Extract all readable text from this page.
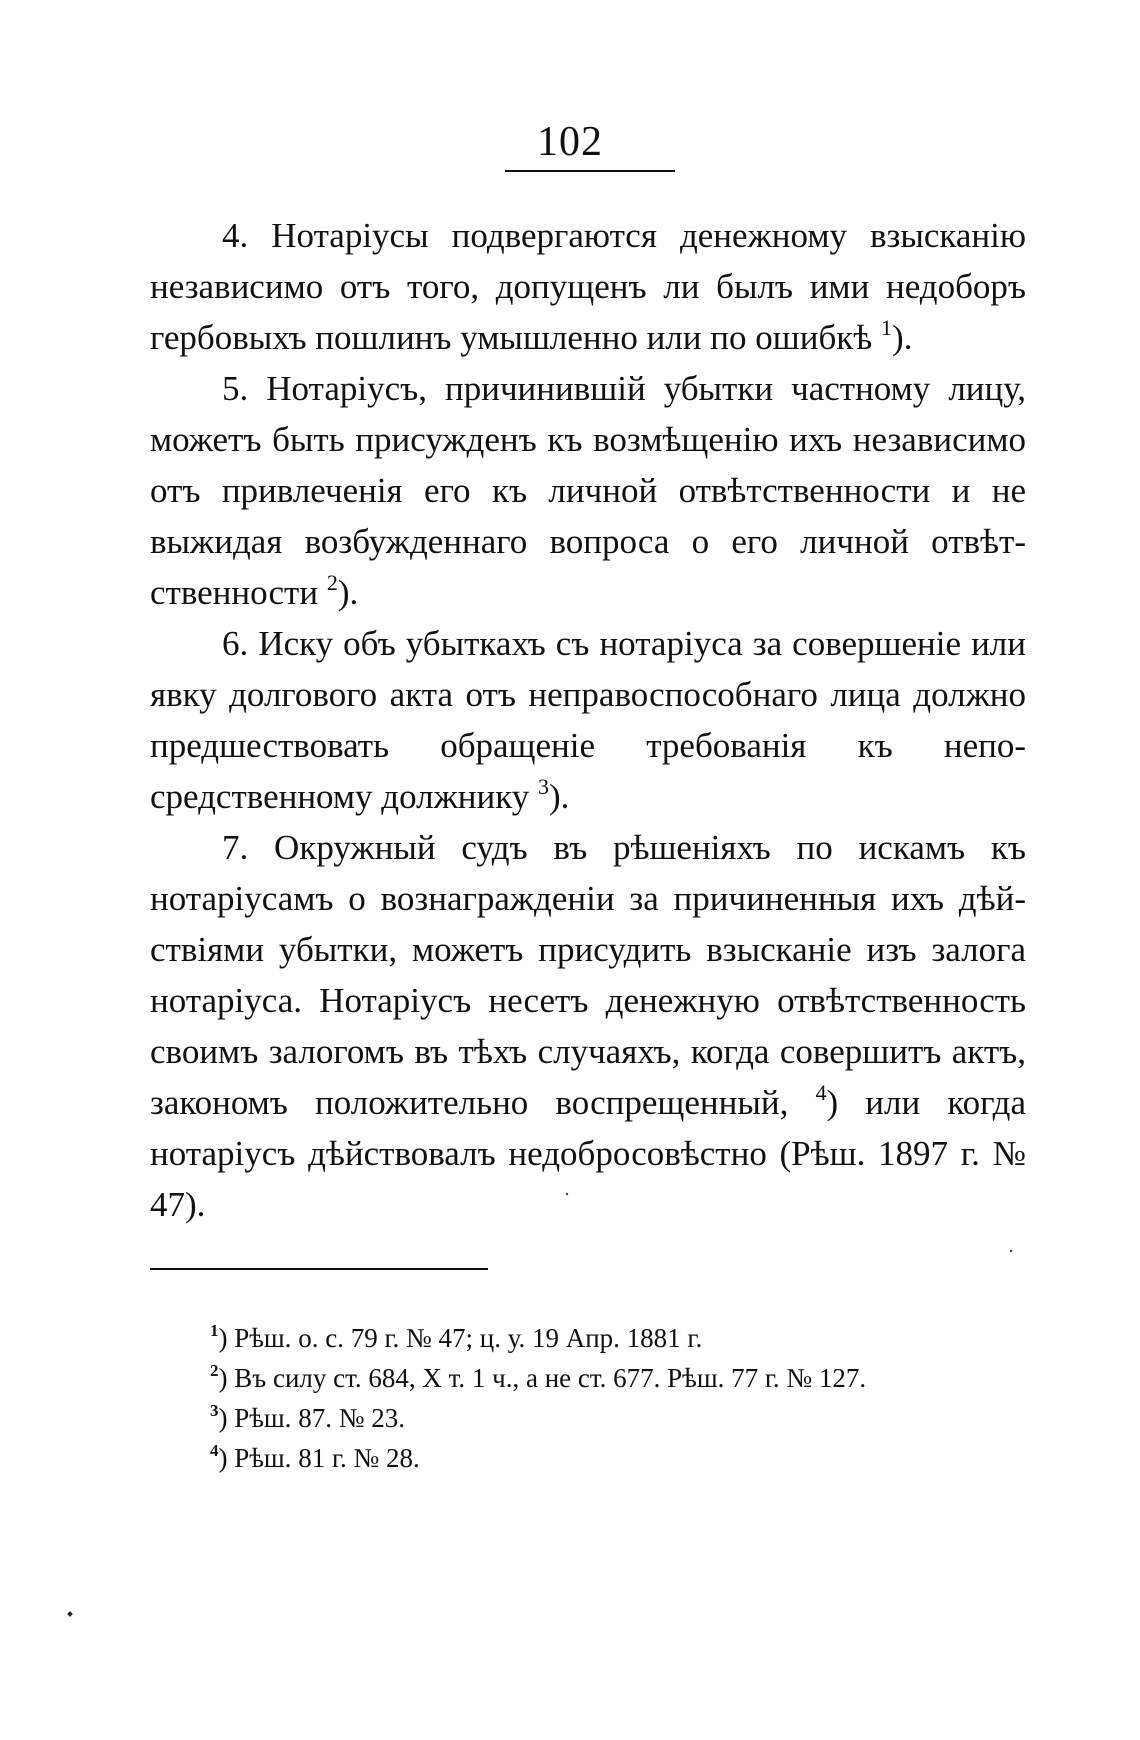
102

4. Нотаріусы подвергаются денежному взысканію независимо отъ того, допущенъ ли былъ ими недоборъ гербовыхъ пошлинъ умышленно или по ошибкѣ $^1$).

5. Нотаріусъ, причинившій убытки частному лицу, можетъ быть присужденъ къ возмѣщенію ихъ независимо отъ привлеченія его къ личной отвѣтственности и не выжидая возбужденнаго вопроса о его личной отвѣтственности $^2$).

6. Иску объ убыткахъ съ нотаріуса за совершеніе или явку долгового акта отъ неправоспособнаго лица должно предшествовать обращеніе требованія къ непосредственному должнику $^3$).

7. Окружный судъ въ рѣшеніяхъ по искамъ къ нотаріусамъ о вознагражденіи за причиненныя ихъ дѣйствіями убытки, можетъ присудить взысканіе изъ залога нотаріуса. Нотаріусъ несетъ денежную отвѣтственность своимъ залогомъ въ тѣхъ случаяхъ, когда совершитъ актъ, закономъ положительно воспрещенный, $^4$) или когда нотаріусъ дѣйствовалъ недобросовѣстно (Рѣш. 1897 г. № 47).

$^1$) Рѣш. о. с. 79 г. № 47; ц. у. 19 Апр. 1881 г.

$^2$) Въ силу ст. 684, X т. 1 ч., а не ст. 677. Рѣш. 77 г. № 127.

$^3$) Рѣш. 87. № 23.

$^4$) Рѣш. 81 г. № 28.
